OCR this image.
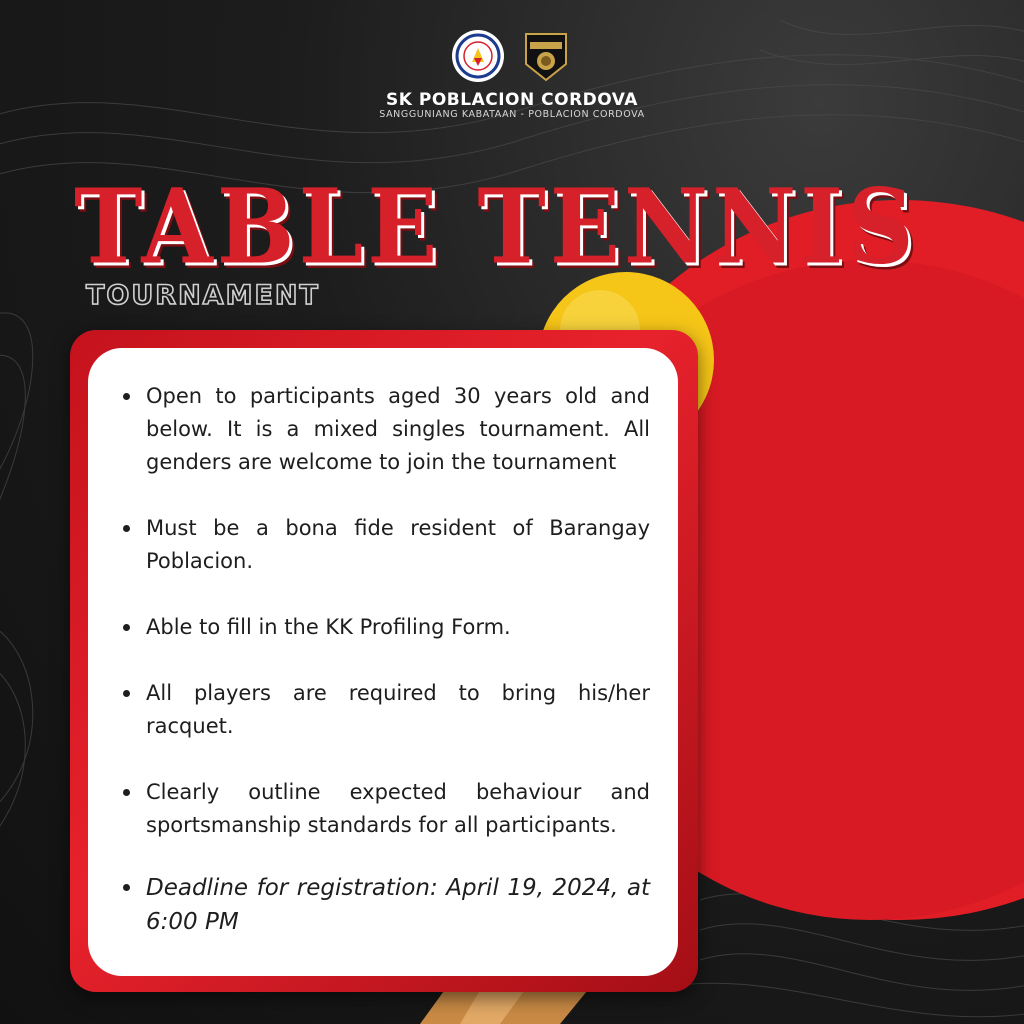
SK POBLACION CORDOVA
SANGGUNIANG KABATAAN - POBLACION CORDOVA
TABLE TENNIS
TOURNAMENT
Open to participants aged 30 years old and below. It is a mixed singles tournament. All genders are welcome to join the tournament
Must be a bona fide resident of Barangay Poblacion.
Able to fill in the KK Profiling Form.
All players are required to bring his/her racquet.
Clearly outline expected behaviour and sportsmanship standards for all participants.
Deadline for registration: April 19, 2024, at 6:00 PM
